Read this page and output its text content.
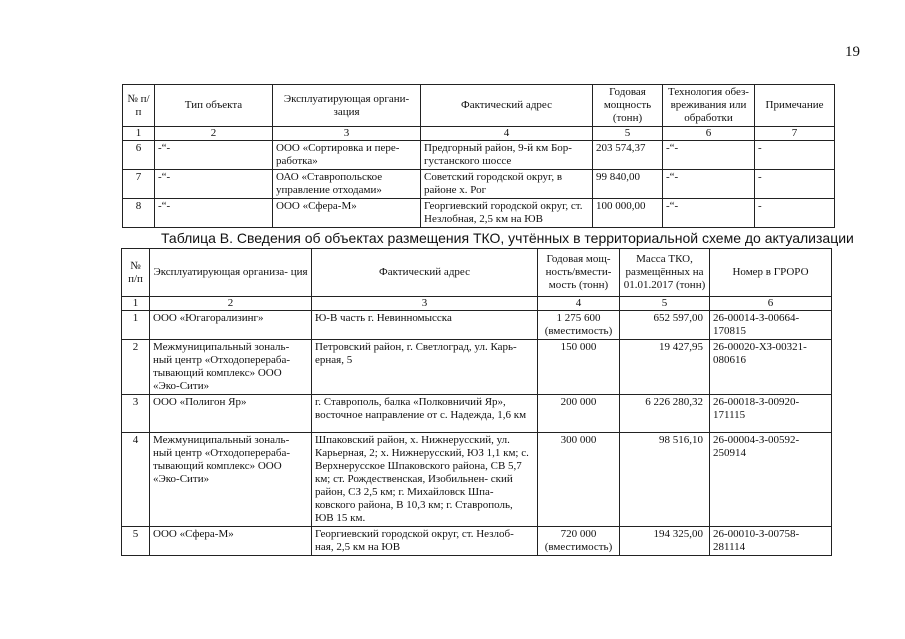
19
№ п/п	Тип объекта	Эксплуатирующая органи- зация	Фактический адрес	Годовая мощность (тонн)	Технология обез- вреживания или обработки	Примечание
1	2	3	4	5	6	7
6	-“-	ООО «Сортировка и пере- работка»	Предгорный район, 9-й км Бор- густанского шоссе	203 574,37	-“-	-
7	-“-	ОАО «Ставропольское управление отходами»	Советский городской округ, в районе х. Рог	99 840,00	-“-	-
8	-“-	ООО «Сфера-М»	Георгиевский городской округ, ст. Незлобная, 2,5 км на ЮВ	100 000,00	-“-	-
Таблица В. Сведения об объектах размещения ТКО, учтённых в территориальной схеме до актуализации
№ п/п	Эксплуатирующая организа- ция	Фактический адрес	Годовая мощ- ность/вмести- мость (тонн)	Масса ТКО, размещённых на 01.01.2017 (тонн)	Номер в ГРОРО
1	2	3	4	5	6
1	ООО «Югагорализинг»	Ю-В часть г. Невинномысска	1 275 600 (вместимость)	652 597,00	26-00014-З-00664-170815
2	Межмуниципальный зональ- ный центр «Отходоперераба- тывающий комплекс» ООО «Эко-Сити»	Петровский район, г. Светлоград, ул. Карь- ерная, 5	150 000	19 427,95	26-00020-ХЗ-00321-080616
3	ООО «Полигон Яр»	г. Ставрополь, балка «Полковничий Яр», восточное направление от с. Надежда, 1,6 км	200 000	6 226 280,32	26-00018-З-00920-171115
4	Межмуниципальный зональ- ный центр «Отходоперераба- тывающий комплекс» ООО «Эко-Сити»	Шпаковский район, х. Нижнерусский, ул. Карьерная, 2; х. Нижнерусский, ЮЗ 1,1 км; с. Верхнерусское Шпаковского района, СВ 5,7 км; ст. Рождественская, Изобильнен- ский район, СЗ 2,5 км; г. Михайловск Шпа- ковского района, В 10,3 км; г. Ставрополь, ЮВ 15 км.	300 000	98 516,10	26-00004-З-00592-250914
5	ООО «Сфера-М»	Георгиевский городской округ, ст. Незлоб- ная, 2,5 км на ЮВ	720 000 (вместимость)	194 325,00	26-00010-З-00758-281114
